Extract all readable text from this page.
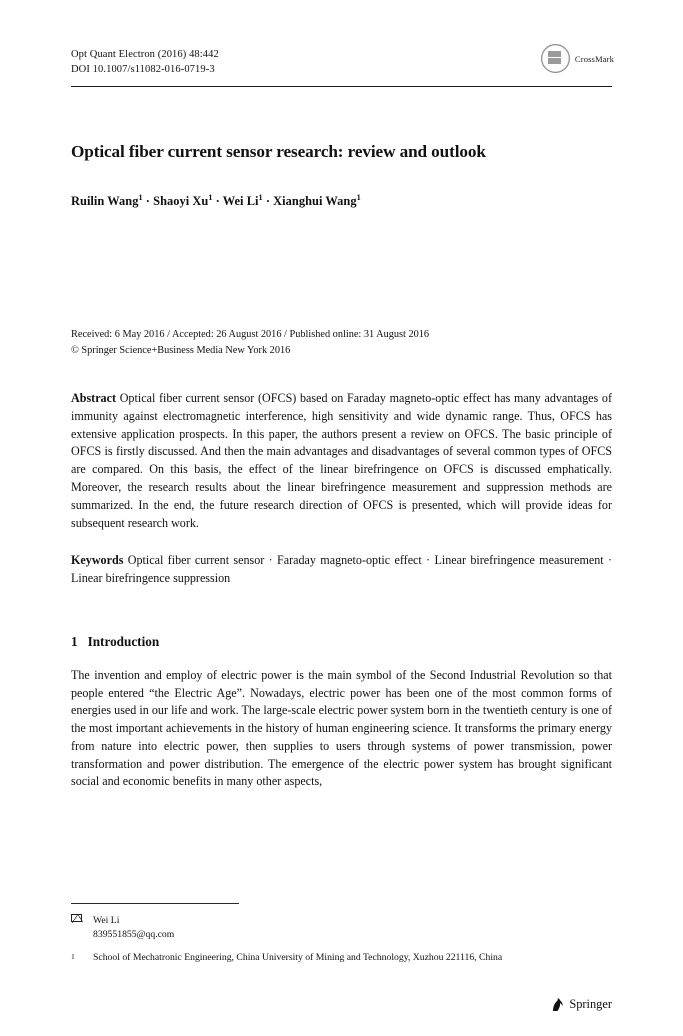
Opt Quant Electron (2016) 48:442
DOI 10.1007/s11082-016-0719-3
CrossMark
Optical fiber current sensor research: review and outlook
Ruilin Wang$^1$ · Shaoyi $Xu^1$ · Wei $Li^1$ · Xianghui Wang$^1$
Received: 6 May 2016 / Accepted: 26 August 2016 / Published online: 31 August 2016
© Springer Science+Business Media New York 2016

Abstract Optical fiber current sensor (OFCS) based on Faraday magneto-optic effect has many advantages of immunity against electromagnetic interference, high sensitivity and wide dynamic range. Thus, OFCS has extensive application prospects. In this paper, the authors present a review on OFCS. The basic principle of OFCS is firstly discussed. And then the main advantages and disadvantages of several common types of OFCS are compared. On this basis, the effect of the linear birefringence on OFCS is discussed emphatically. Moreover, the research results about the linear birefringence measurement and suppression methods are summarized. In the end, the future research direction of OFCS is presented, which will provide ideas for subsequent research work.

Keywords Optical fiber current sensor · Faraday magneto-optic effect · Linear birefringence measurement · Linear birefringence suppression

1 Introduction

The invention and employ of electric power is the main symbol of the Second Industrial Revolution so that people entered “the Electric Age”. Nowadays, electric power has been one of the most common forms of energies used in our life and work. The large-scale electric power system born in the twentieth century is one of the most important achievements in the history of human engineering science. It transforms the primary energy from nature into electric power, then supplies to users through systems of power transmission, power transformation and power distribution. The emergence of the electric power system has brought significant social and economic benefits in many other aspects,

Wei Li
839551855@qq.com
1	School of Mechatronic Engineering, China University of Mining and Technology, Xuzhou 221116, China
Springer
